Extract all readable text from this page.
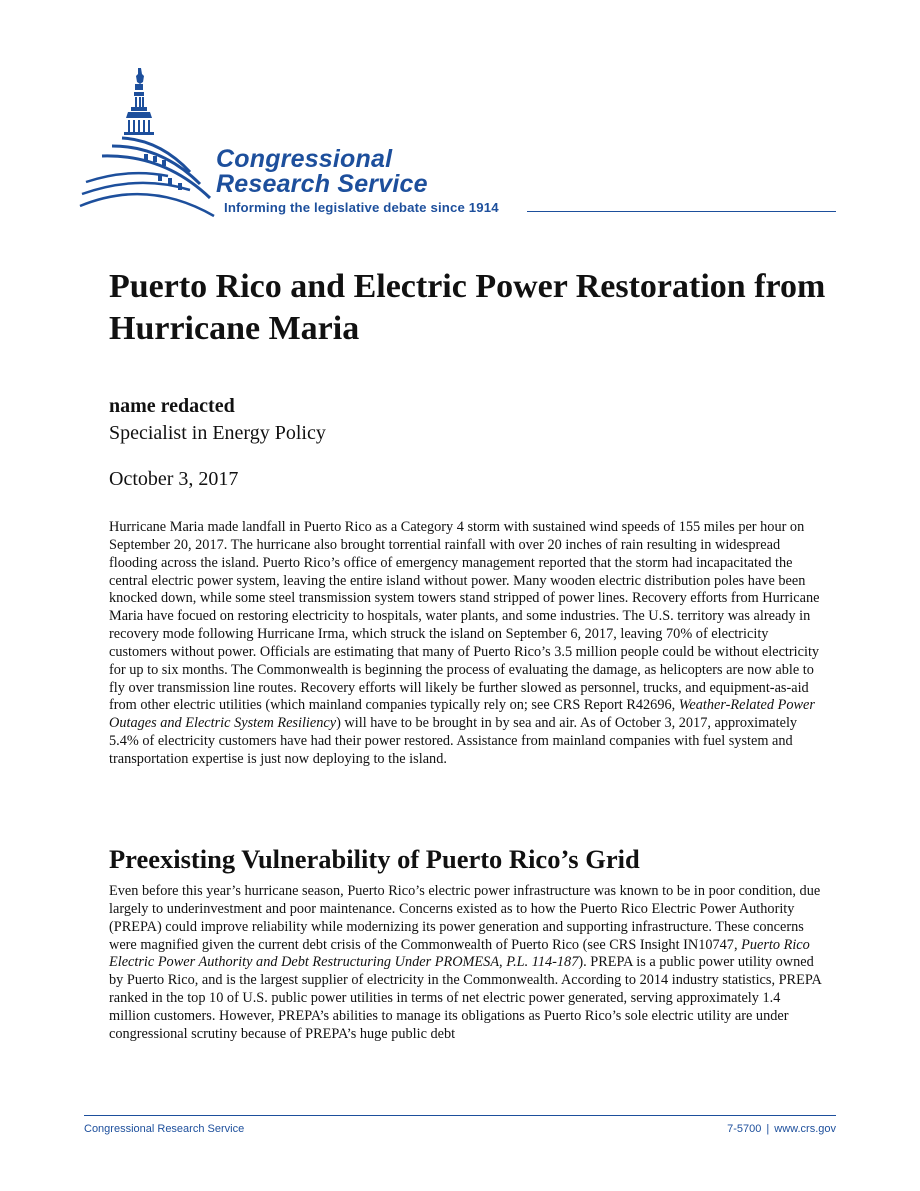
Congressional
Research Service
Informing the legislative debate since 1914
Puerto Rico and Electric Power Restoration from Hurricane Maria
name redacted
Specialist in Energy Policy
October 3, 2017

Hurricane Maria made landfall in Puerto Rico as a Category 4 storm with sustained wind speeds of 155 miles per hour on September 20, 2017. The hurricane also brought torrential rainfall with over 20 inches of rain resulting in widespread flooding across the island. Puerto Rico’s office of emergency management reported that the storm had incapacitated the central electric power system, leaving the entire island without power. Many wooden electric distribution poles have been knocked down, while some steel transmission system towers stand stripped of power lines. Recovery efforts from Hurricane Maria have focued on restoring electricity to hospitals, water plants, and some industries. The U.S. territory was already in recovery mode following Hurricane Irma, which struck the island on September 6, 2017, leaving 70% of electricity customers without power. Officials are estimating that many of Puerto Rico’s 3.5 million people could be without electricity for up to six months. The Commonwealth is beginning the process of evaluating the damage, as helicopters are now able to fly over transmission line routes. Recovery efforts will likely be further slowed as personnel, trucks, and equipment-as-aid from other electric utilities (which mainland companies typically rely on; see CRS Report R42696, Weather-Related Power Outages and Electric System Resiliency) will have to be brought in by sea and air. As of October 3, 2017, approximately 5.4% of electricity customers have had their power restored. Assistance from mainland companies with fuel system and transportation expertise is just now deploying to the island.

Preexisting Vulnerability of Puerto Rico’s Grid

Even before this year’s hurricane season, Puerto Rico’s electric power infrastructure was known to be in poor condition, due largely to underinvestment and poor maintenance. Concerns existed as to how the Puerto Rico Electric Power Authority (PREPA) could improve reliability while modernizing its power generation and supporting infrastructure. These concerns were magnified given the current debt crisis of the Commonwealth of Puerto Rico (see CRS Insight IN10747, Puerto Rico Electric Power Authority and Debt Restructuring Under PROMESA, P.L. 114-187). PREPA is a public power utility owned by Puerto Rico, and is the largest supplier of electricity in the Commonwealth. According to 2014 industry statistics, PREPA ranked in the top 10 of U.S. public power utilities in terms of net electric power generated, serving approximately 1.4 million customers. However, PREPA’s abilities to manage its obligations as Puerto Rico’s sole electric utility are under congressional scrutiny because of PREPA’s huge public debt

Congressional Research Service	7-5700 | www.crs.gov
